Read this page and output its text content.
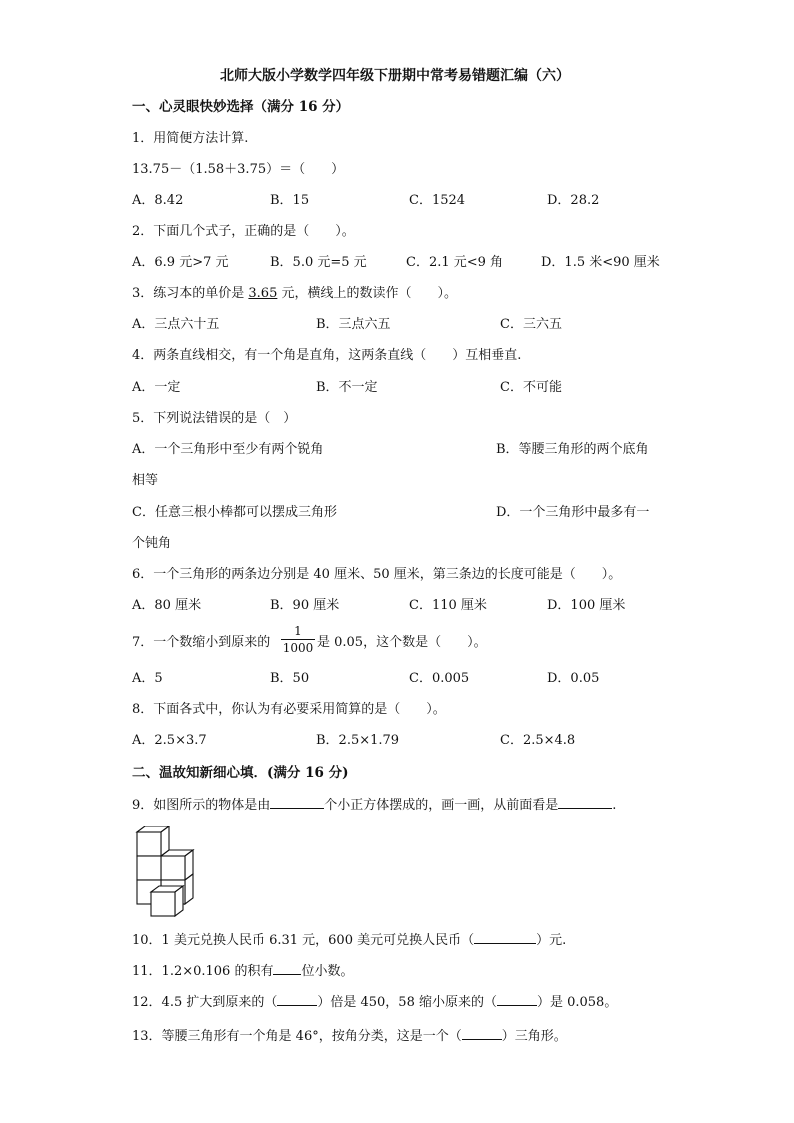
北师大版小学数学四年级下册期中常考易错题汇编（六）
一、心灵眼快妙选择（满分 16 分）
1．用简便方法计算.
13.75－（1.58＋3.75）＝（　　）
A．8.42	B．15	C．1524	D．28.2
2．下面几个式子，正确的是（　　）。
A．6.9 元>7 元	B．5.0 元=5 元	C．2.1 元<9 角	D．1.5 米<90 厘米
3．练习本的单价是 3.65 元，横线上的数读作（　　）。
A．三点六十五	B．三点六五	C．三六五
4．两条直线相交，有一个角是直角，这两条直线（　　）互相垂直.
A．一定	B．不一定	C．不可能
5．下列说法错误的是（　）
A．一个三角形中至少有两个锐角	B．等腰三角形的两个底角
相等
C．任意三根小棒都可以摆成三角形	D．一个三角形中最多有一
个钝角
6．一个三角形的两条边分别是 40 厘米、50 厘米，第三条边的长度可能是（　　）。
A．80 厘米	B．90 厘米	C．110 厘米	D．100 厘米
7．一个数缩小到原来的
1
1000 是 0.05，这个数是（　　）。
A．5	B．50	C．0.005	D．0.05
8．下面各式中，你认为有必要采用简算的是（　　）。
A．2.5×3.7	B．2.5×1.79	C．2.5×4.8
二、温故知新细心填．(满分 16 分)
9．如图所示的物体是由	个小正方体摆成的，画一画，从前面看是	.
10．1 美元兑换人民币 6.31 元，600 美元可兑换人民币（	）元.
11．1.2×0.106 的积有 位小数。
12．4.5 扩大到原来的（	）倍是 450，58 缩小原来的（	）是 0.058。
13．等腰三角形有一个角是 46°，按角分类，这是一个（	）三角形。
